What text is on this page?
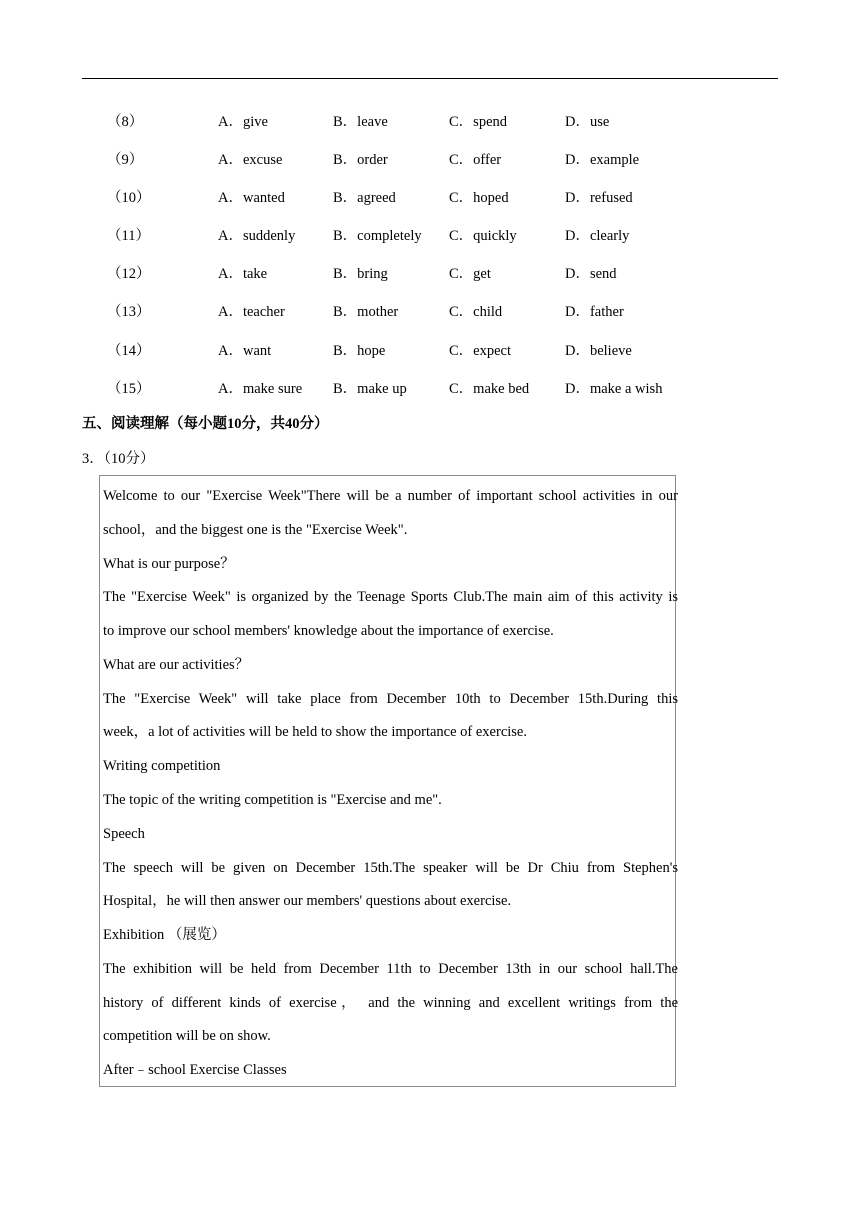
（8）	A．give	B．leave	C．spend	D．use
（9）	A．excuse	B．order	C．offer	D．example
（10）	A．wanted	B．agreed	C．hoped	D．refused
（11）	A．suddenly	B．completely C．quickly	D．clearly
（12）	A．take	B．bring	C．get	D．send
（13）	A．teacher	B．mother	C．child	D．father
（14）	A．want	B．hope	C．expect	D．believe
（15）	A．make sure B．make up	C．make bed D．make a wish
五、阅读理解（每小题10分，共40分）
3．（10分）
Welcome to our "Exercise Week"There will be a number of important school activities in our
school，and the biggest one is the "Exercise Week".
What is our purpose？
The "Exercise Week" is organized by the Teenage Sports Club.The main aim of this activity is
to improve our school members' knowledge about the importance of exercise.
What are our activities？
The "Exercise Week" will take place from December 10th to December 15th.During this
week，a lot of activities will be held to show the importance of exercise.
Writing competition
The topic of the writing competition is "Exercise and me".
Speech
The speech will be given on December 15th.The speaker will be Dr Chiu from Stephen's
Hospital，he will then answer our members' questions about exercise.
Exhibition （展览）
The exhibition will be held from December 11th to December 13th in our school hall.The
history of different kinds of exercise， and the winning and excellent writings from the
competition will be on show.
After﹣school Exercise Classes
